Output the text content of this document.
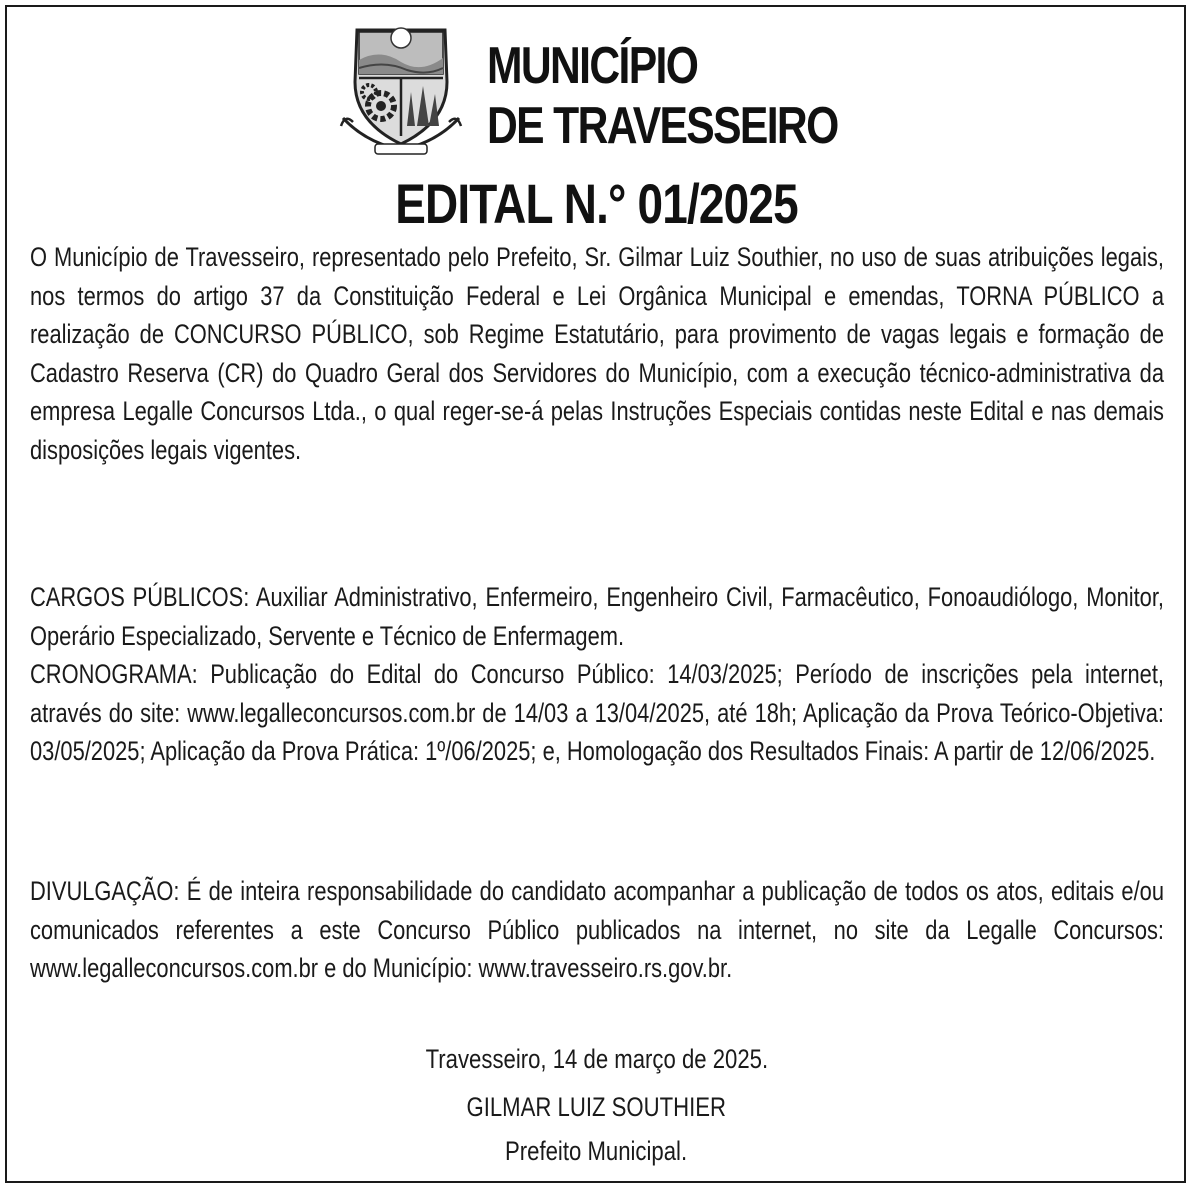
MUNICÍPIO
DE TRAVESSEIRO
EDITAL N.° 01/2025
O Município de Travesseiro, representado pelo Prefeito, Sr. Gilmar Luiz Southier, no uso de suas atribuições legais, nos termos do artigo 37 da Constituição Federal e Lei Orgânica Municipal e emendas, TORNA PÚBLICO a realização de CONCURSO PÚBLICO, sob Regime Estatutário, para provimento de vagas legais e formação de Cadastro Reserva (CR) do Quadro Geral dos Servidores do Município, com a execução técnico-administrativa da empresa Legalle Concursos Ltda., o qual reger-se-á pelas Instruções Especiais contidas neste Edital e nas demais disposições legais vigentes.
CARGOS PÚBLICOS: Auxiliar Administrativo, Enfermeiro, Engenheiro Civil, Farmacêutico, Fonoaudiólogo, Monitor, Operário Especializado, Servente e Técnico de Enfermagem.
CRONOGRAMA: Publicação do Edital do Concurso Público: 14/03/2025; Período de inscrições pela internet, através do site: www.legalleconcursos.com.br de 14/03 a 13/04/2025, até 18h; Aplicação da Prova Teórico-Objetiva: 03/05/2025; Aplicação da Prova Prática: 1º/06/2025; e, Homologação dos Resultados Finais: A partir de 12/06/2025.
DIVULGAÇÃO: É de inteira responsabilidade do candidato acompanhar a publicação de todos os atos, editais e/ou comunicados referentes a este Concurso Público publicados na internet, no site da Legalle Concursos: www.legalleconcursos.com.br e do Município: www.travesseiro.rs.gov.br.
Travesseiro, 14 de março de 2025.
GILMAR LUIZ SOUTHIER
Prefeito Municipal.
